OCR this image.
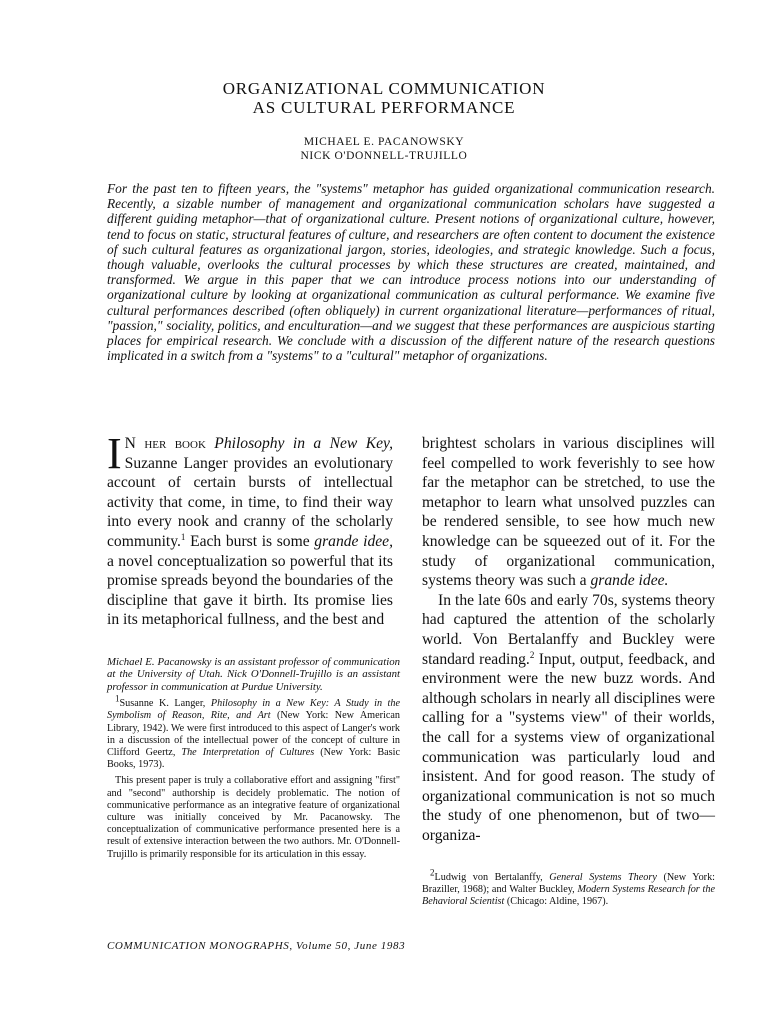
ORGANIZATIONAL COMMUNICATION
AS CULTURAL PERFORMANCE
MICHAEL E. PACANOWSKY
NICK O'DONNELL-TRUJILLO

For the past ten to fifteen years, the "systems" metaphor has guided organizational communication research. Recently, a sizable number of management and organizational communication scholars have suggested a different guiding metaphor—that of organizational culture. Present notions of organizational culture, however, tend to focus on static, structural features of culture, and researchers are often content to document the existence of such cultural features as organizational jargon, stories, ideologies, and strategic knowledge. Such a focus, though valuable, overlooks the cultural processes by which these structures are created, maintained, and transformed. We argue in this paper that we can introduce process notions into our understanding of organizational culture by looking at organizational communication as cultural performance. We examine five cultural performances described (often obliquely) in current organizational literature—performances of ritual, "passion," sociality, politics, and enculturation—and we suggest that these performances are auspicious starting places for empirical research. We conclude with a discussion of the different nature of the research questions implicated in a switch from a "systems" to a "cultural" metaphor of organizations.

I N her book Philosophy in a New Key, Suzanne Langer provides an evolutionary account of certain bursts of intellectual activity that come, in time, to find their way into every nook and cranny of the scholarly community.$^1$ Each burst is some grande idee, a novel conceptualization so powerful that its promise spreads beyond the boundaries of the discipline that gave it birth. Its promise lies in its metaphorical fullness, and the best and

brightest scholars in various disciplines will feel compelled to work feverishly to see how far the metaphor can be stretched, to use the metaphor to learn what unsolved puzzles can be rendered sensible, to see how much new knowledge can be squeezed out of it. For the study of organizational communication, systems theory was such a grande idee.

In the late 60s and early 70s, systems theory had captured the attention of the scholarly world. Von Bertalanffy and Buckley were standard reading.$^2$ Input, output, feedback, and environment were the new buzz words. And although scholars in nearly all disciplines were calling for a "systems view" of their worlds, the call for a systems view of organizational communication was particularly loud and insistent. And for good reason. The study of organizational communication is not so much the study of one phenomenon, but of two—organiza-

Michael E. Pacanowsky is an assistant professor of communication at the University of Utah. Nick O'Donnell-Trujillo is an assistant professor in communication at Purdue University.

$^1$Susanne K. Langer, Philosophy in a New Key: A Study in the Symbolism of Reason, Rite, and Art (New York: New American Library, 1942). We were first introduced to this aspect of Langer's work in a discussion of the intellectual power of the concept of culture in Clifford Geertz, The Interpretation of Cultures (New York: Basic Books, 1973).

This present paper is truly a collaborative effort and assigning "first" and "second" authorship is decidely problematic. The notion of communicative performance as an integrative feature of organizational culture was initially conceived by Mr. Pacanowsky. The conceptualization of communicative performance presented here is a result of extensive interaction between the two authors. Mr. O'Donnell-Trujillo is primarily responsible for its articulation in this essay.

$^2$Ludwig von Bertalanffy, General Systems Theory (New York: Braziller, 1968); and Walter Buckley, Modern Systems Research for the Behavioral Scientist (Chicago: Aldine, 1967).

COMMUNICATION MONOGRAPHS, Volume 50, June 1983
